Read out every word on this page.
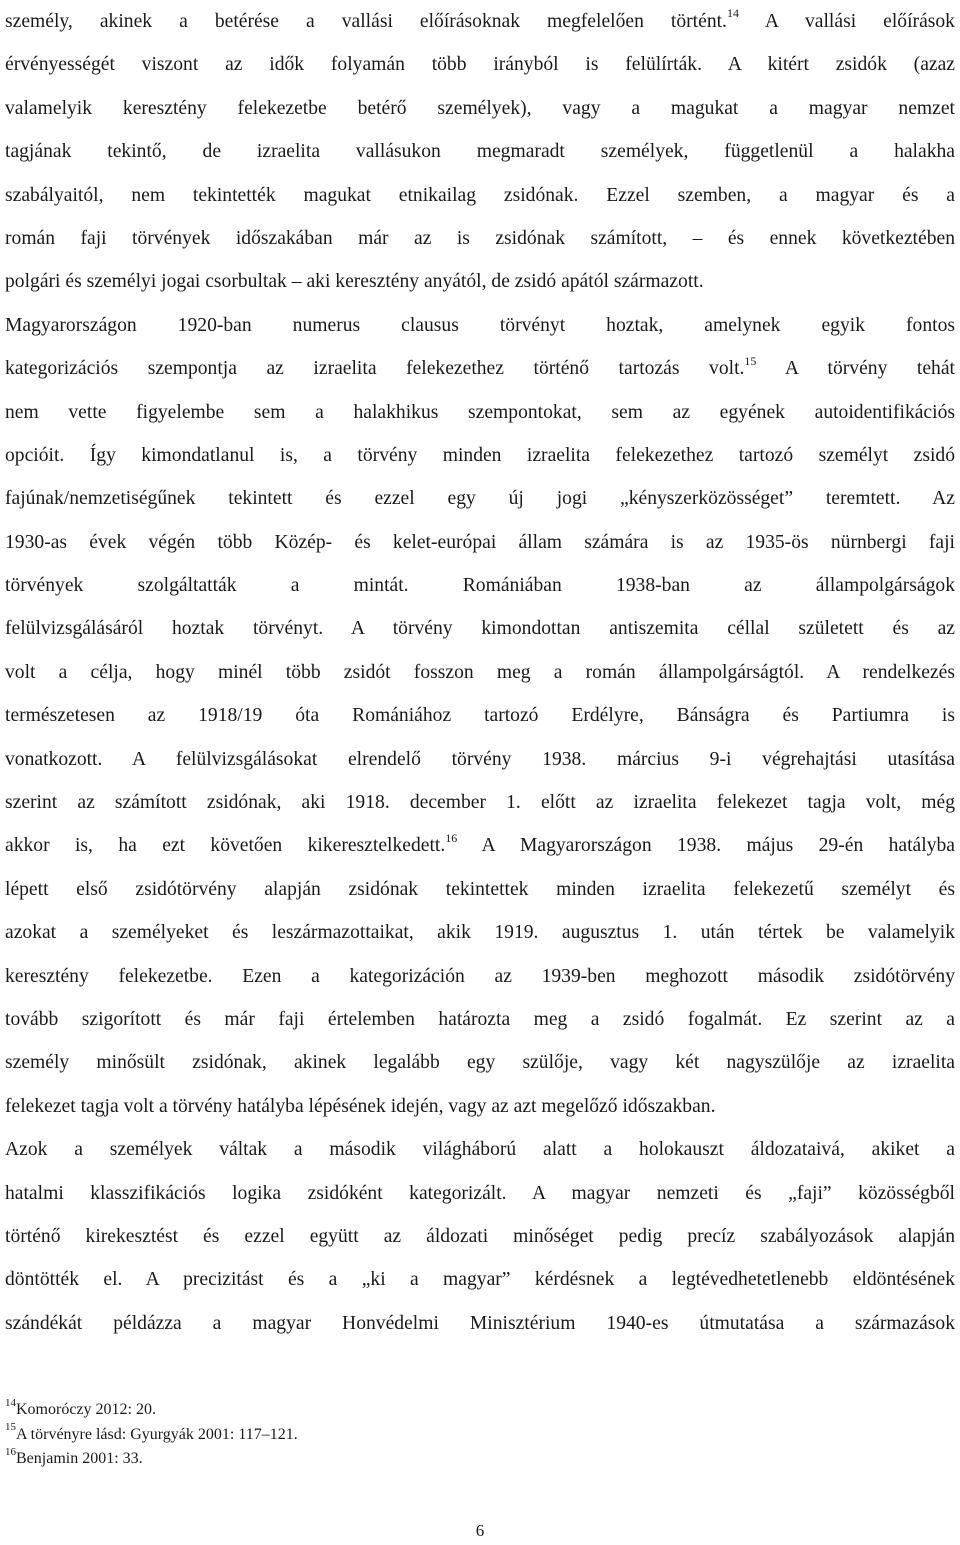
személy, akinek a betérése a vallási előírásoknak megfelelően történt.$^{14}$ A vallási előírások
érvényességét viszont az idők folyamán több irányból is felülírták. A kitért zsidók (azaz
valamelyik keresztény felekezetbe betérő személyek), vagy a magukat a magyar nemzet
tagjának tekintő, de izraelita vallásukon megmaradt személyek, függetlenül a halakha
szabályaitól, nem tekintették magukat etnikailag zsidónak. Ezzel szemben, a magyar és a
román faji törvények időszakában már az is zsidónak számított, – és ennek következtében
polgári és személyi jogai csorbultak – aki keresztény anyától, de zsidó apától származott.
Magyarországon 1920-ban numerus clausus törvényt hoztak, amelynek egyik fontos
kategorizációs szempontja az izraelita felekezethez történő tartozás volt.$^{15}$ A törvény tehát
nem vette figyelembe sem a halakhikus szempontokat, sem az egyének autoidentifikációs
opcióit. Így kimondatlanul is, a törvény minden izraelita felekezethez tartozó személyt zsidó
fajúnak/nemzetiségűnek tekintett és ezzel egy új jogi „kényszerközösséget” teremtett. Az
1930-as évek végén több Közép- és kelet-európai állam számára is az 1935-ös nürnbergi faji
törvények szolgáltatták a mintát. Romániában 1938-ban az állampolgárságok
felülvizsgálásáról hoztak törvényt. A törvény kimondottan antiszemita céllal született és az
volt a célja, hogy minél több zsidót fosszon meg a román állampolgárságtól. A rendelkezés
természetesen az 1918/19 óta Romániához tartozó Erdélyre, Bánságra és Partiumra is
vonatkozott. A felülvizsgálásokat elrendelő törvény 1938. március 9-i végrehajtási utasítása
szerint az számított zsidónak, aki 1918. december 1. előtt az izraelita felekezet tagja volt, még
akkor is, ha ezt követően kikeresztelkedett.$^{16}$ A Magyarországon 1938. május 29-én hatályba
lépett első zsidótörvény alapján zsidónak tekintettek minden izraelita felekezetű személyt és
azokat a személyeket és leszármazottaikat, akik 1919. augusztus 1. után tértek be valamelyik
keresztény felekezetbe. Ezen a kategorizáción az 1939-ben meghozott második zsidótörvény
tovább szigorított és már faji értelemben határozta meg a zsidó fogalmát. Ez szerint az a
személy minősült zsidónak, akinek legalább egy szülője, vagy két nagyszülője az izraelita
felekezet tagja volt a törvény hatályba lépésének idején, vagy az azt megelőző időszakban.
Azok a személyek váltak a második világháború alatt a holokauszt áldozataivá, akiket a
hatalmi klasszifikációs logika zsidóként kategorizált. A magyar nemzeti és „faji” közösségből
történő kirekesztést és ezzel együtt az áldozati minőséget pedig precíz szabályozások alapján
döntötték el. A precizitást és a „ki a magyar” kérdésnek a legtévedhetetlenebb eldöntésének
szándékát példázza a magyar Honvédelmi Minisztérium 1940-es útmutatása a származások
$^{14}$Komoróczy 2012: 20.
$^{15}$A törvényre lásd: Gyurgyák 2001: 117–121.
$^{16}$Benjamin 2001: 33.
6
